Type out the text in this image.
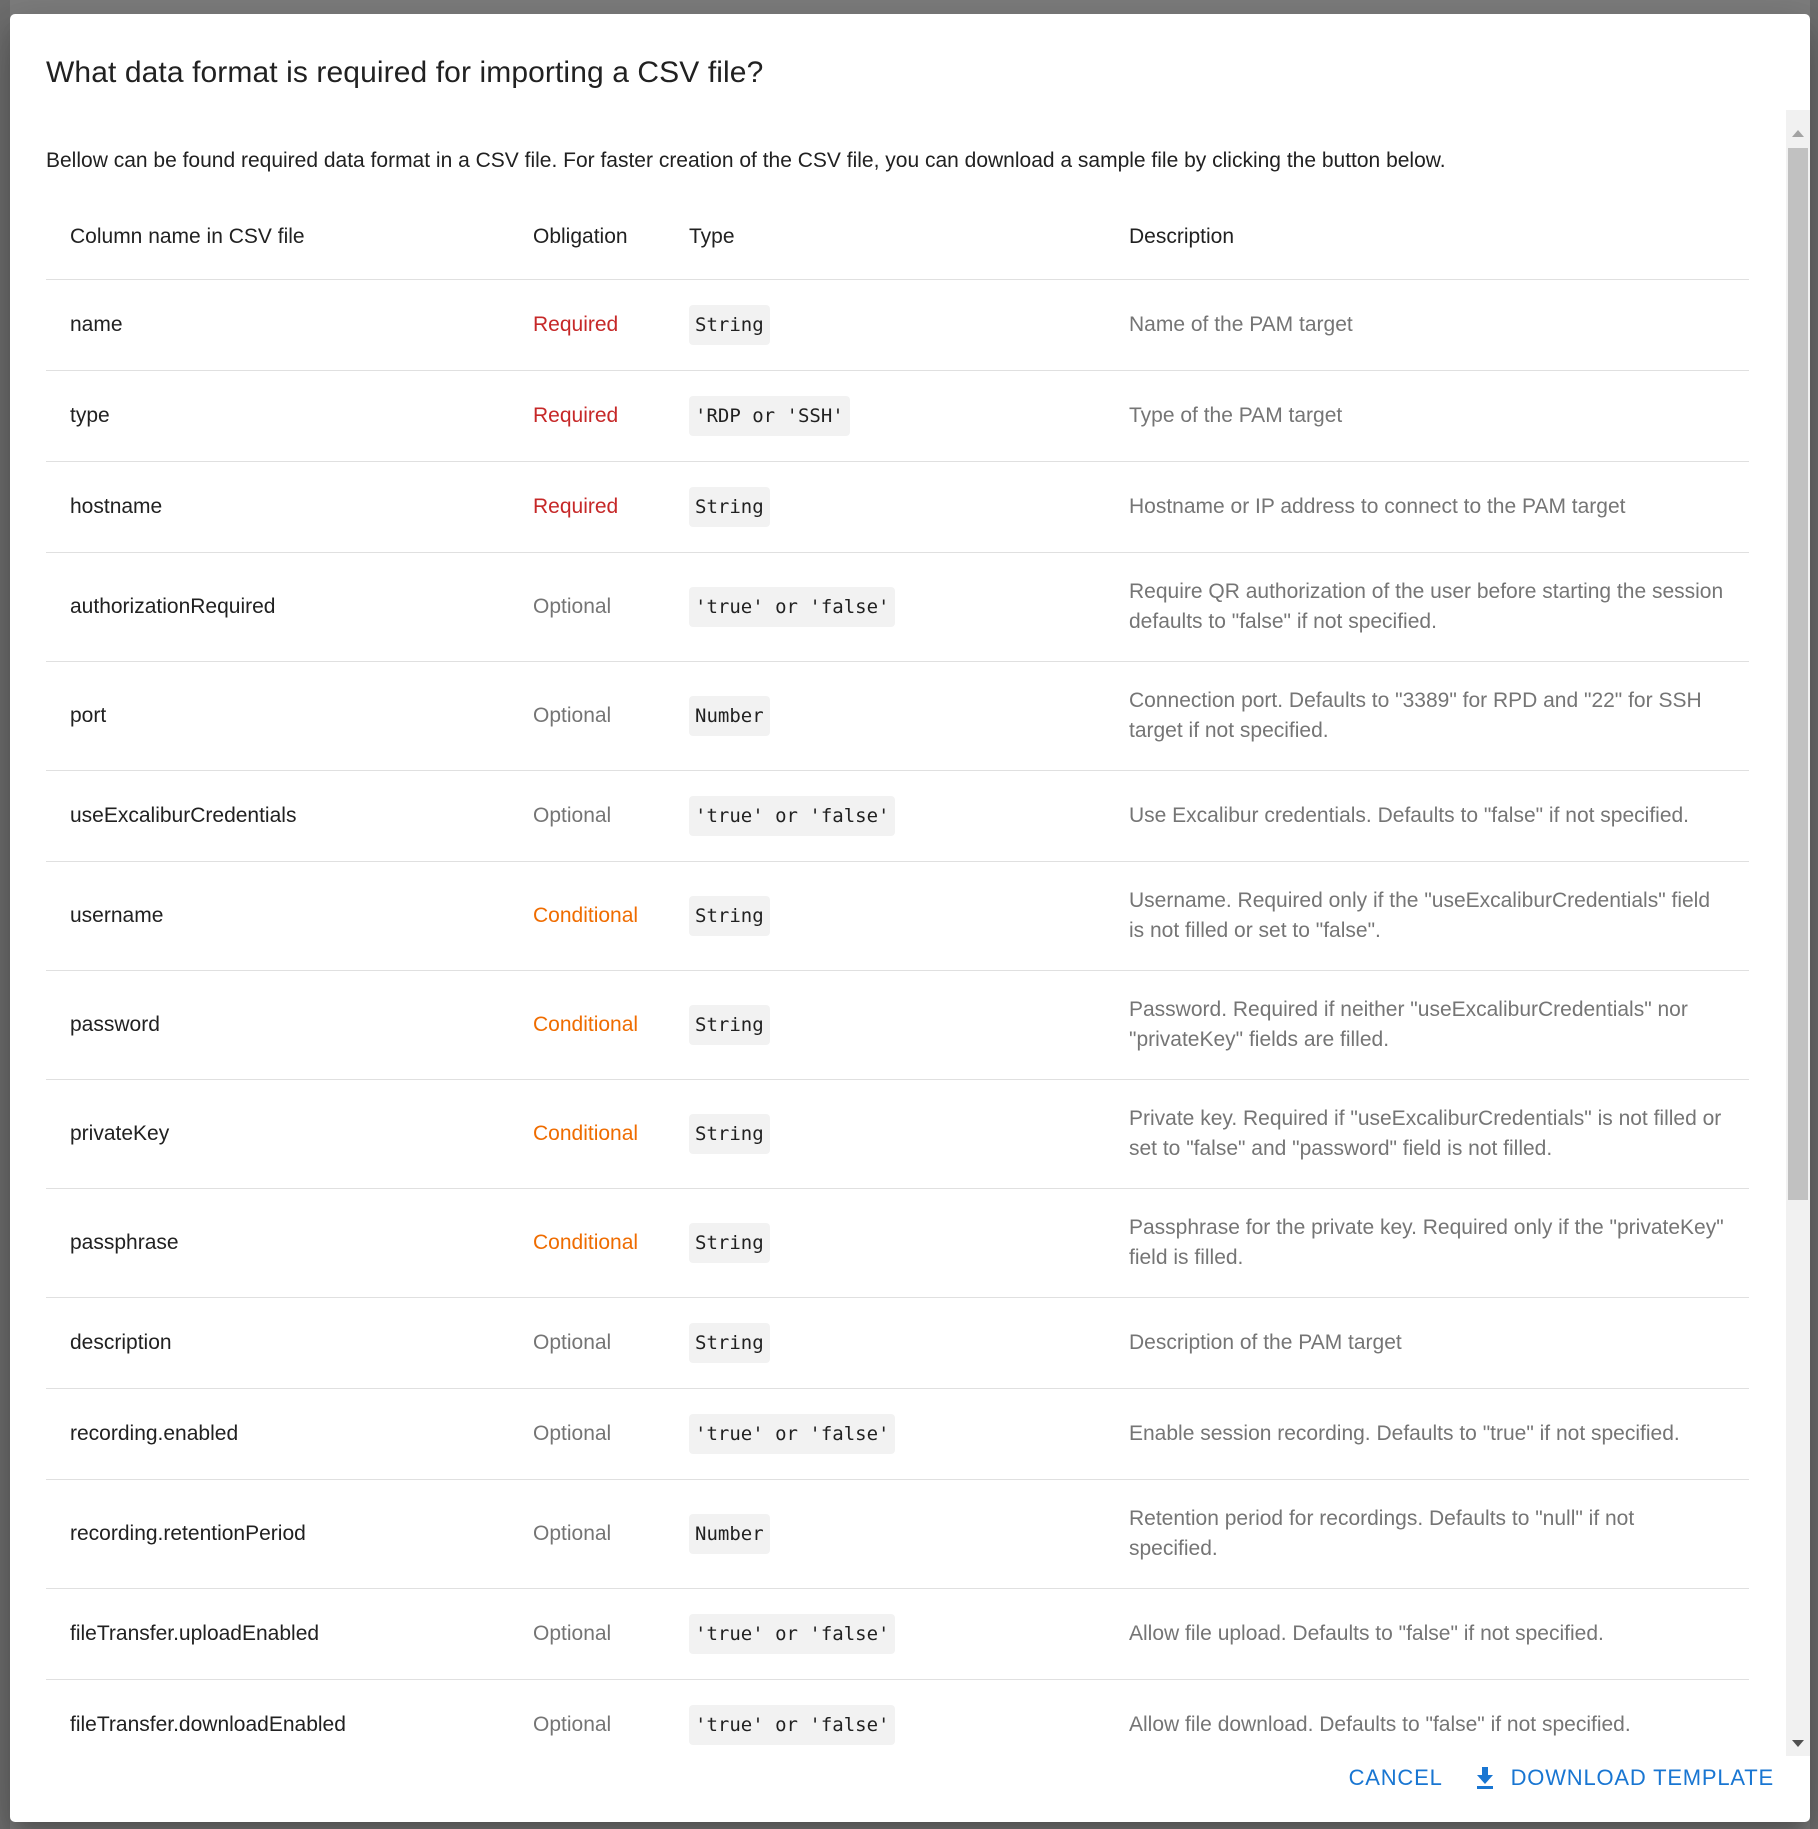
What data format is required for importing a CSV file?

Bellow can be found required data format in a CSV file. For faster creation of the CSV file, you can download a sample file by clicking the button below.

Column name in CSV file	Obligation	Type	Description
name	Required	String	Name of the PAM target
type	Required	'RDP or 'SSH'	Type of the PAM target
hostname	Required	String	Hostname or IP address to connect to the PAM target
authorizationRequired	Optional	'true' or 'false'	Require QR authorization of the user before starting the session defaults to "false" if not specified.
port	Optional	Number	Connection port. Defaults to "3389" for RPD and "22" for SSH target if not specified.
useExcaliburCredentials	Optional	'true' or 'false'	Use Excalibur credentials. Defaults to "false" if not specified.
username	Conditional	String	Username. Required only if the "useExcaliburCredentials" field is not filled or set to "false".
password	Conditional	String	Password. Required if neither "useExcaliburCredentials" nor "privateKey" fields are filled.
privateKey	Conditional	String	Private key. Required if "useExcaliburCredentials" is not filled or set to "false" and "password" field is not filled.
passphrase	Conditional	String	Passphrase for the private key. Required only if the "privateKey" field is filled.
description	Optional	String	Description of the PAM target
recording.enabled	Optional	'true' or 'false'	Enable session recording. Defaults to "true" if not specified.
recording.retentionPeriod	Optional	Number	Retention period for recordings. Defaults to "null" if not specified.
fileTransfer.uploadEnabled	Optional	'true' or 'false'	Allow file upload. Defaults to "false" if not specified.
fileTransfer.downloadEnabled	Optional	'true' or 'false'	Allow file download. Defaults to "false" if not specified.
CANCEL	DOWNLOAD TEMPLATE
